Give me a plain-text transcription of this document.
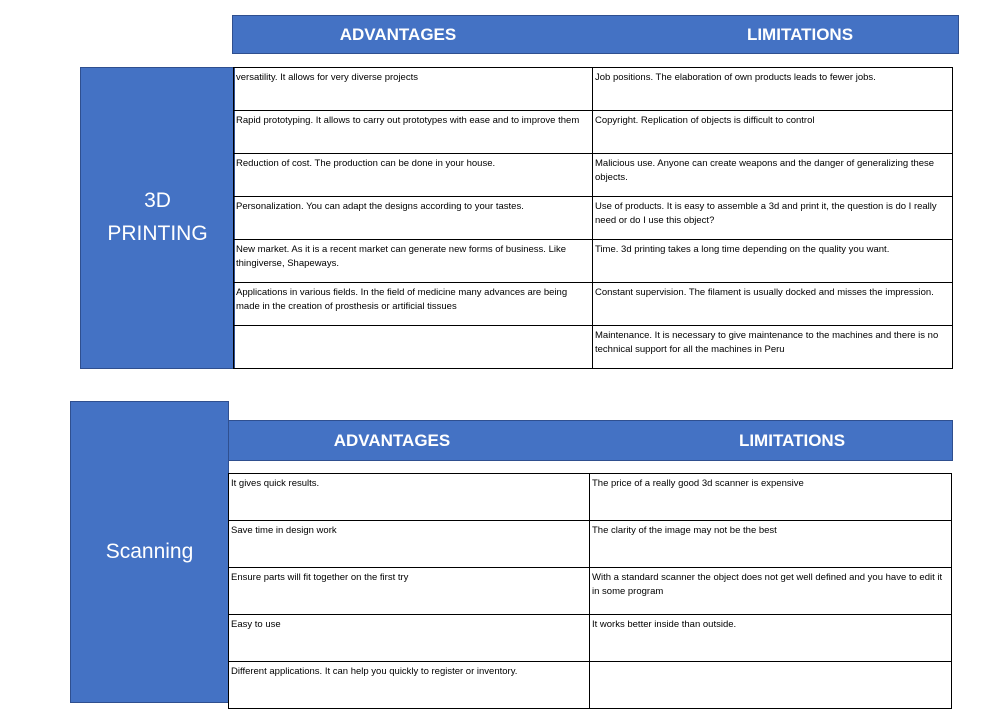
ADVANTAGES	LIMITATIONS
3D
PRINTING
versatility. It allows for very diverse projects	Job positions. The elaboration of own products leads to fewer jobs.
Rapid prototyping. It allows to carry out prototypes with ease and to improve them	Copyright. Replication of objects is difficult to control
Reduction of cost. The production can be done in your house.	Malicious use. Anyone can create weapons and the danger of generalizing these objects.
Personalization. You can adapt the designs according to your tastes.	Use of products. It is easy to assemble a 3d and print it, the question is do I really need or do I use this object?
New market. As it is a recent market can generate new forms of business. Like thingiverse, Shapeways.	Time. 3d printing takes a long time depending on the quality you want.
Applications in various fields. In the field of medicine many advances are being made in the creation of prosthesis or artificial tissues	Constant supervision. The filament is usually docked and misses the impression.
	Maintenance. It is necessary to give maintenance to the machines and there is no technical support for all the machines in Peru
ADVANTAGES	LIMITATIONS
Scanning
It gives quick results.	The price of a really good 3d scanner is expensive
Save time in design work	The clarity of the image may not be the best
Ensure parts will fit together on the first try	With a standard scanner the object does not get well defined and you have to edit it in some program
Easy to use	It works better inside than outside.
Different applications. It can help you quickly to register or inventory.	
